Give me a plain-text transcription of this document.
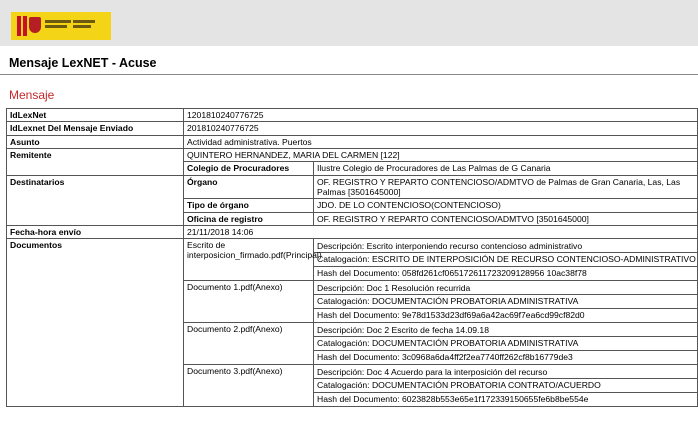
Mensaje LexNET - Acuse
Mensaje
IdLexNet	1201810240776725	
IdLexnet Del Mensaje Enviado	201810240776725	
Asunto	Actividad administrativa. Puertos	
Remitente	QUINTERO HERNANDEZ, MARIA DEL CARMEN [122]	
	Colegio de Procuradores	Ilustre Colegio de Procuradores de Las Palmas de G Canaria
Destinatarios	Órgano	OF. REGISTRO Y REPARTO CONTENCIOSO/ADMTVO de Palmas de Gran Canaria, Las, Las Palmas [3501645000]
	Tipo de órgano	JDO. DE LO CONTENCIOSO(CONTENCIOSO)
	Oficina de registro	OF. REGISTRO Y REPARTO CONTENCIOSO/ADMTVO [3501645000]
Fecha-hora envío	21/11/2018 14:06	
Documentos	Escrito de interposicion_firmado.pdf(Principal)	Descripción: Escrito interponiendo recurso contencioso administrativo
Catalogación: ESCRITO DE INTERPOSICIÓN DE RECURSO CONTENCIOSO-ADMINISTRATIVO
Hash del Documento: 058fd261cf065172611723209128956 10ac38f78

	Documento 1.pdf(Anexo)	Descripción: Doc 1 Resolución recurrida
Catalogación: DOCUMENTACIÓN PROBATORIA ADMINISTRATIVA
Hash del Documento: 9e78d1533d23df69a6a42ac69f7ea6cd99cf82d0

	Documento 2.pdf(Anexo)	Descripción: Doc 2 Escrito de fecha 14.09.18
Catalogación: DOCUMENTACIÓN PROBATORIA ADMINISTRATIVA
Hash del Documento: 3c0968a6da4ff2f2ea7740ff262cf8b16779de3

	Documento 3.pdf(Anexo)	Descripción: Doc 4 Acuerdo para la interposición del recurso
Catalogación: DOCUMENTACIÓN PROBATORIA CONTRATO/ACUERDO
Hash del Documento: 6023828b553e65e1f172339150655fe6b8be554e
